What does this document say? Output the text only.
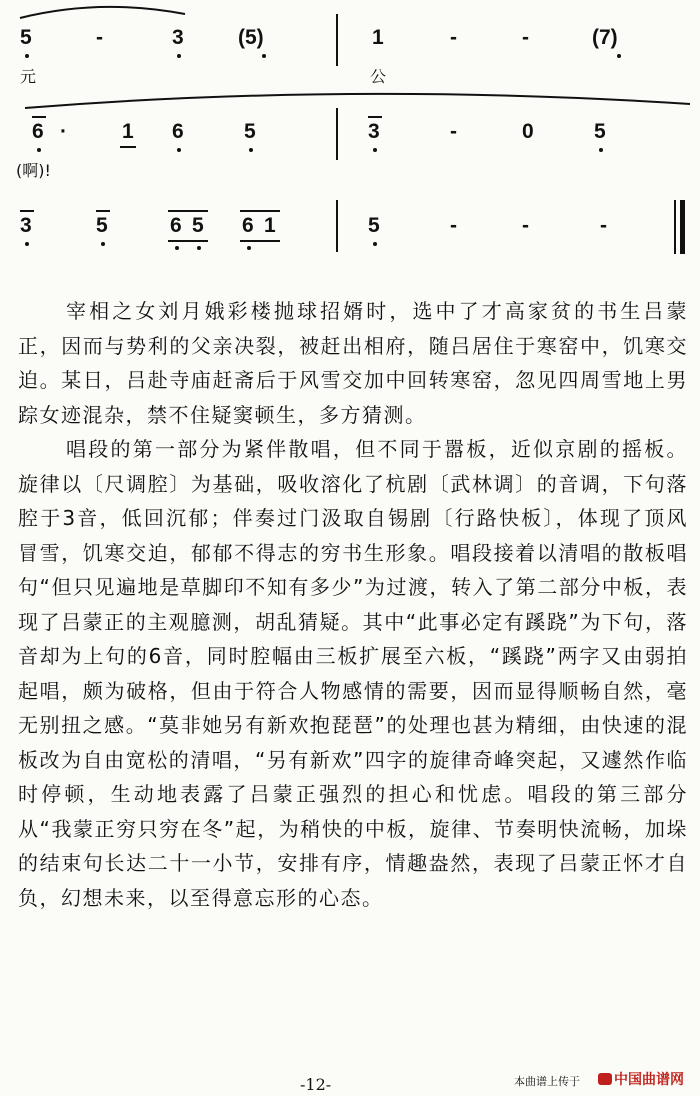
5	-	3	(5)	1	-	-	(7)
元	公
6 ·	1 6	5	3	-	0	5
(啊)!
3	5	6 5 6 1	5	-	-	-

宰相之女刘月娥彩楼抛球招婿时，选中了才高家贫的书生吕蒙正，因而与势利的父亲决裂，被赶出相府，随吕居住于寒窑中，饥寒交迫。某日，吕赴寺庙赶斋后于风雪交加中回转寒窑，忽见四周雪地上男踪女迹混杂，禁不住疑窦顿生，多方猜测。

唱段的第一部分为紧伴散唱，但不同于嚣板，近似京剧的摇板。旋律以〔尺调腔〕为基础，吸收溶化了杭剧〔武林调〕的音调，下句落腔于3音，低回沉郁；伴奏过门汲取自锡剧〔行路快板〕，体现了顶风冒雪，饥寒交迫，郁郁不得志的穷书生形象。唱段接着以清唱的散板唱句“但只见遍地是草脚印不知有多少”为过渡，转入了第二部分中板，表现了吕蒙正的主观臆测，胡乱猜疑。其中“此事必定有蹊跷”为下句，落音却为上句的6音，同时腔幅由三板扩展至六板，“蹊跷”两字又由弱拍起唱，颇为破格，但由于符合人物感情的需要，因而显得顺畅自然，毫无别扭之感。“莫非她另有新欢抱琵琶”的处理也甚为精细，由快速的混板改为自由宽松的清唱，“另有新欢”四字的旋律奇峰突起，又遽然作临时停顿，生动地表露了吕蒙正强烈的担心和忧虑。唱段的第三部分从“我蒙正穷只穷在冬”起，为稍快的中板，旋律、节奏明快流畅，加垛的结束句长达二十一小节，安排有序，情趣盎然，表现了吕蒙正怀才自负，幻想未来，以至得意忘形的心态。

-12-	本曲谱上传于	中国曲谱网
